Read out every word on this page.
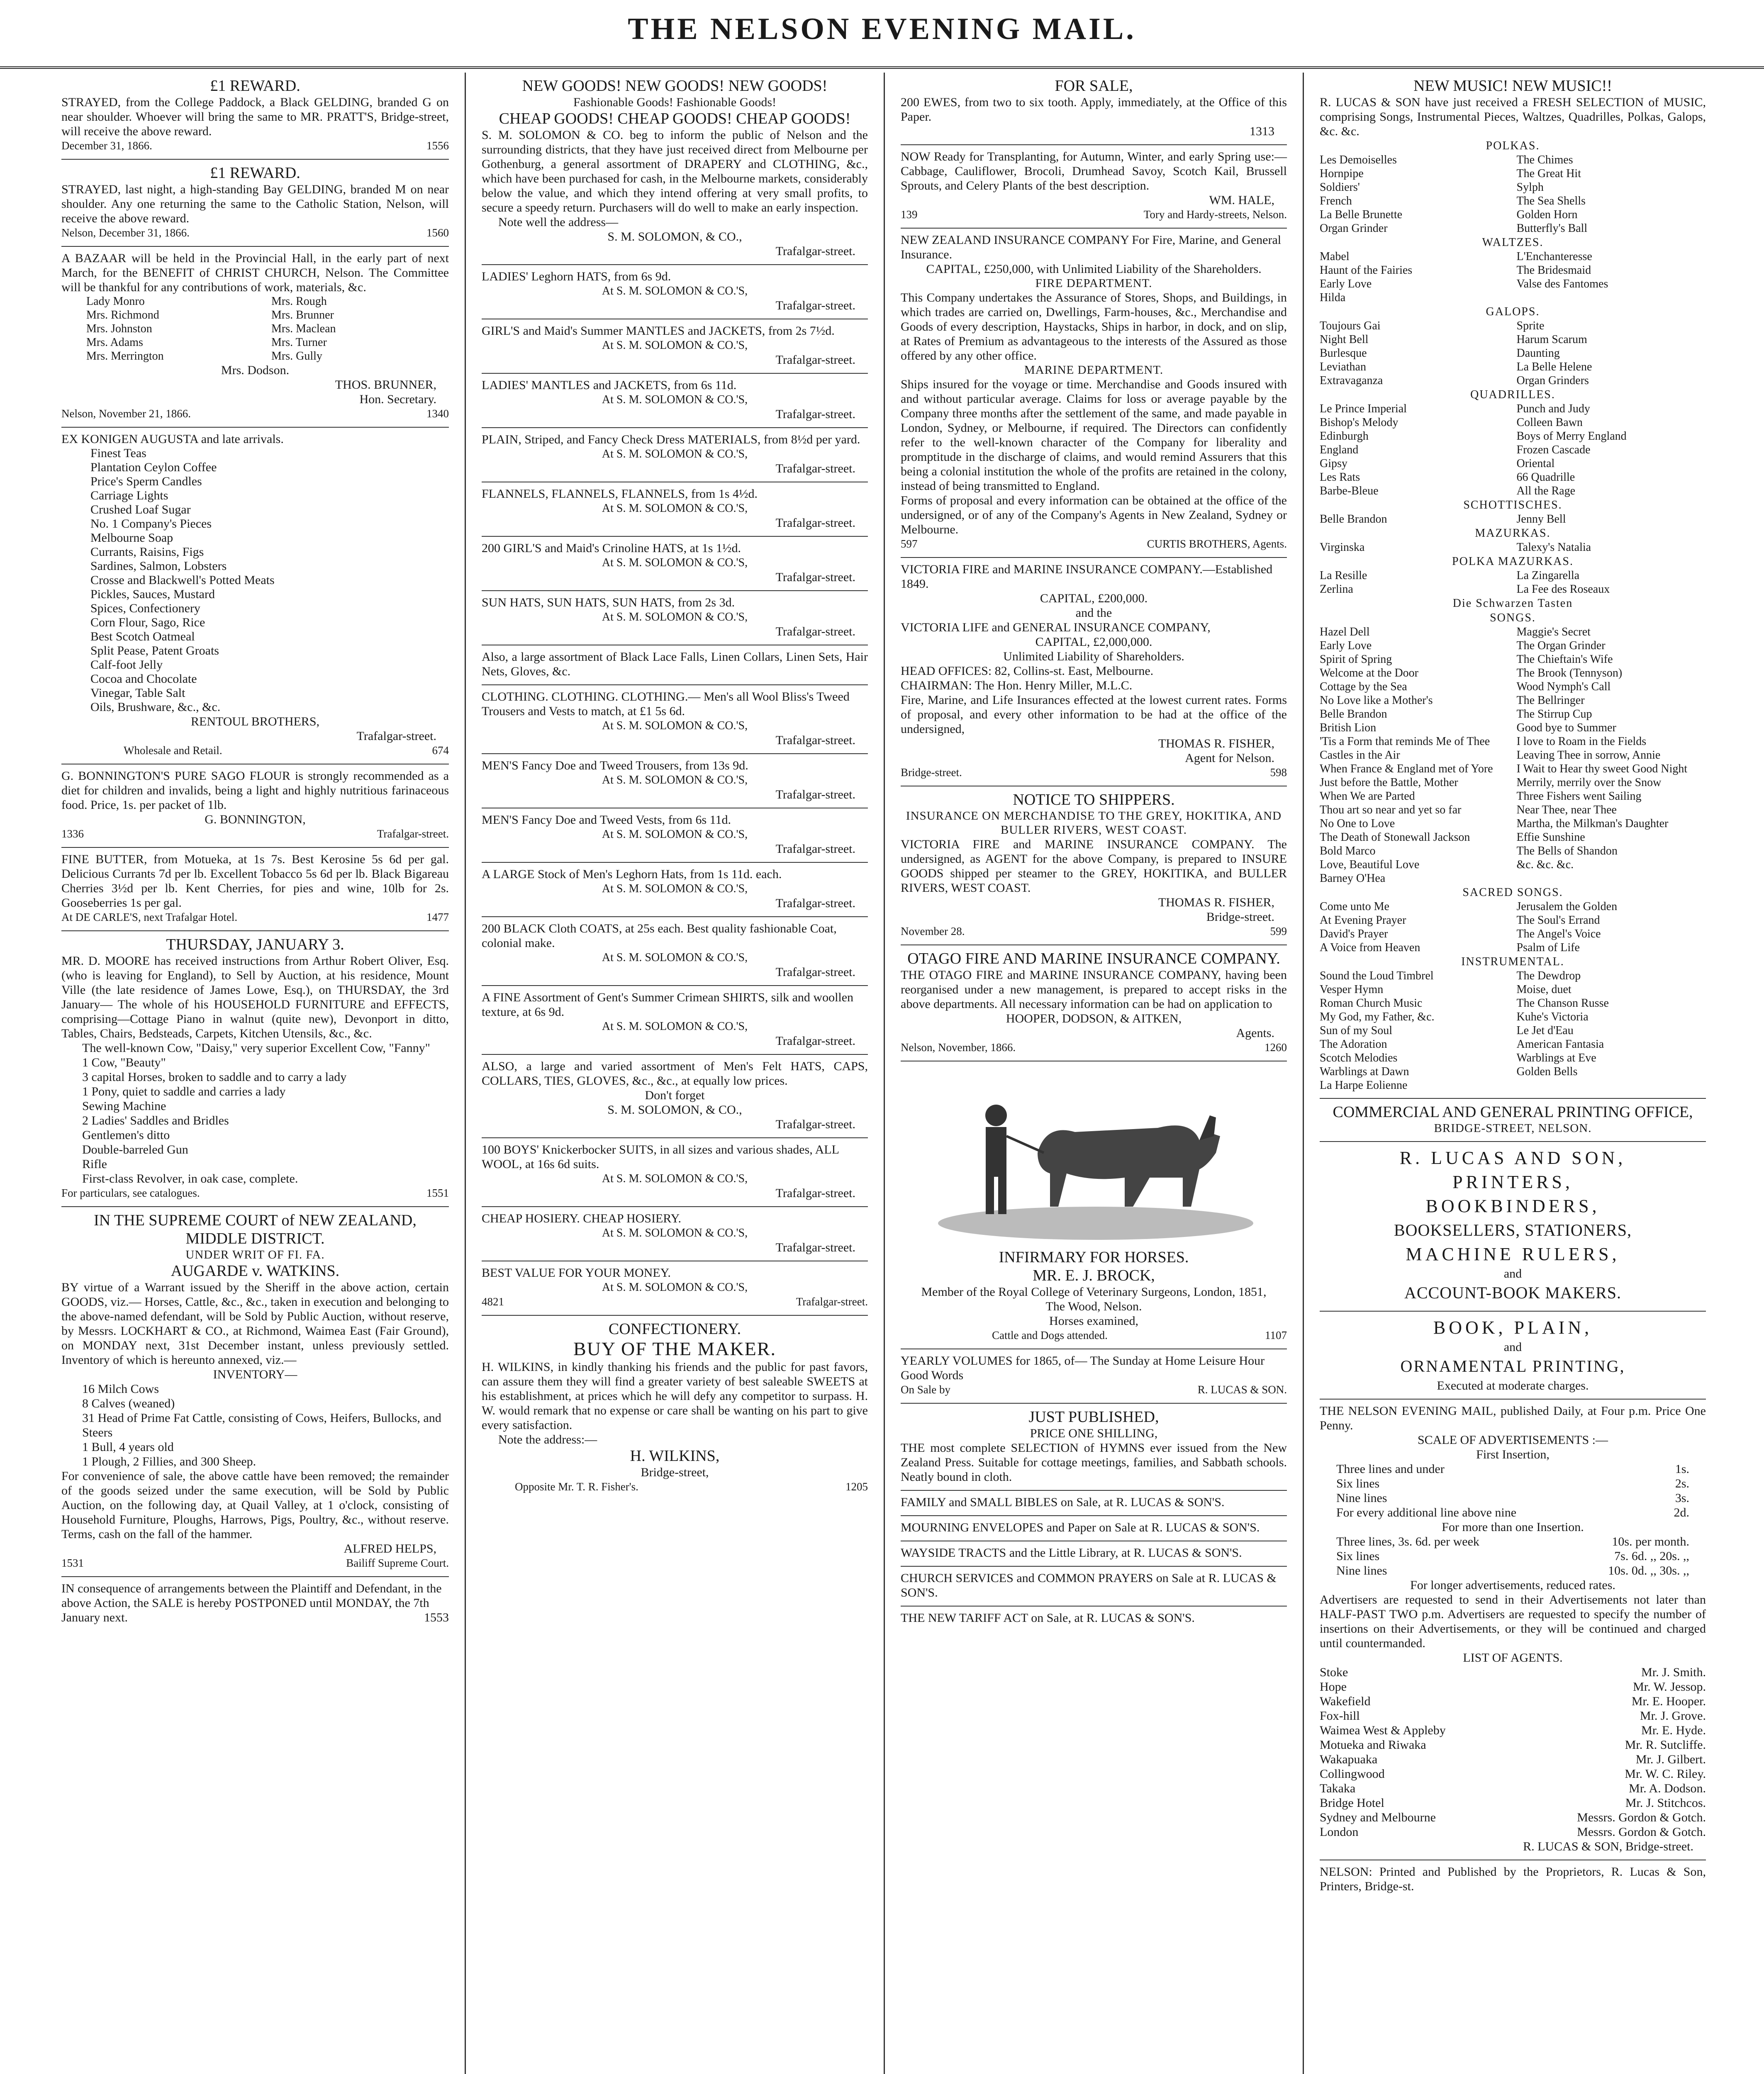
THE NELSON EVENING MAIL.
£1 REWARD.
STRAYED, from the College Paddock, a Black GELDING, branded G on near shoulder. Whoever will bring the same to MR. PRATT'S, Bridge-street, will receive the above reward.
December 31, 1866.	1556
£1 REWARD.
STRAYED, last night, a high-standing Bay GELDING, branded M on near shoulder. Any one returning the same to the Catholic Station, Nelson, will receive the above reward.
Nelson, December 31, 1866.	1560
A BAZAAR will be held in the Provincial Hall, in the early part of next March, for the BENEFIT of CHRIST CHURCH, Nelson. The Committee will be thankful for any contributions of work, materials, &c.
Lady Monro	Mrs. Rough
Mrs. Richmond	Mrs. Brunner
Mrs. Johnston	Mrs. Maclean
Mrs. Adams	Mrs. Turner
Mrs. Merrington	Mrs. Gully
Mrs. Dodson.
THOS. BRUNNER,
Hon. Secretary.
Nelson, November 21, 1866.	1340
EX KONIGEN AUGUSTA and late arrivals.
Finest Teas
Plantation Ceylon Coffee
Price's Sperm Candles
Carriage Lights
Crushed Loaf Sugar
No. 1 Company's Pieces
Melbourne Soap
Currants, Raisins, Figs
Sardines, Salmon, Lobsters
Crosse and Blackwell's Potted Meats
Pickles, Sauces, Mustard
Spices, Confectionery
Corn Flour, Sago, Rice
Best Scotch Oatmeal
Split Pease, Patent Groats
Calf-foot Jelly
Cocoa and Chocolate
Vinegar, Table Salt
Oils, Brushware, &c., &c.
RENTOUL BROTHERS,
Trafalgar-street.
Wholesale and Retail.	674
G. BONNINGTON'S PURE SAGO FLOUR is strongly recommended as a diet for children and invalids, being a light and highly nutritious farinaceous food. Price, 1s. per packet of 1lb.
G. BONNINGTON,
1336	Trafalgar-street.
FINE BUTTER, from Motueka, at 1s 7s. Best Kerosine 5s 6d per gal. Delicious Currants 7d per lb. Excellent Tobacco 5s 6d per lb. Black Bigareau Cherries 3½d per lb. Kent Cherries, for pies and wine, 10lb for 2s. Gooseberries 1s per gal.
At DE CARLE'S, next Trafalgar Hotel.	1477
THURSDAY, JANUARY 3.
MR. D. MOORE has received instructions from Arthur Robert Oliver, Esq. (who is leaving for England), to Sell by Auction, at his residence, Mount Ville (the late residence of James Lowe, Esq.), on THURSDAY, the 3rd January— The whole of his HOUSEHOLD FURNITURE and EFFECTS, comprising—Cottage Piano in walnut (quite new), Devonport in ditto, Tables, Chairs, Bedsteads, Carpets, Kitchen Utensils, &c., &c.
The well-known Cow, "Daisy," very superior Excellent Cow, "Fanny"
1 Cow, "Beauty"
3 capital Horses, broken to saddle and to carry a lady
1 Pony, quiet to saddle and carries a lady
Sewing Machine
2 Ladies' Saddles and Bridles
Gentlemen's ditto
Double-barreled Gun
Rifle
First-class Revolver, in oak case, complete.
For particulars, see catalogues.	1551
IN THE SUPREME COURT of NEW ZEALAND, MIDDLE DISTRICT.
UNDER WRIT OF FI. FA.
AUGARDE v. WATKINS.
BY virtue of a Warrant issued by the Sheriff in the above action, certain GOODS, viz.— Horses, Cattle, &c., &c., taken in execution and belonging to the above-named defendant, will be Sold by Public Auction, without reserve, by Messrs. LOCKHART & CO., at Richmond, Waimea East (Fair Ground), on MONDAY next, 31st December instant, unless previously settled. Inventory of which is hereunto annexed, viz.—
INVENTORY—
16 Milch Cows
8 Calves (weaned)
31 Head of Prime Fat Cattle, consisting of Cows, Heifers, Bullocks, and Steers
1 Bull, 4 years old
1 Plough, 2 Fillies, and 300 Sheep.
For convenience of sale, the above cattle have been removed; the remainder of the goods seized under the same execution, will be Sold by Public Auction, on the following day, at Quail Valley, at 1 o'clock, consisting of Household Furniture, Ploughs, Harrows, Pigs, Poultry, &c., without reserve. Terms, cash on the fall of the hammer.
ALFRED HELPS,
1531	Bailiff Supreme Court.
IN consequence of arrangements between the Plaintiff and Defendant, in the above Action, the SALE is hereby POSTPONED until MONDAY, the 7th January next.	1553
NEW GOODS! NEW GOODS! NEW GOODS!
Fashionable Goods! Fashionable Goods!
CHEAP GOODS! CHEAP GOODS! CHEAP GOODS!
S. M. SOLOMON & CO. beg to inform the public of Nelson and the surrounding districts, that they have just received direct from Melbourne per Gothenburg, a general assortment of DRAPERY and CLOTHING, &c., which have been purchased for cash, in the Melbourne markets, considerably below the value, and which they intend offering at very small profits, to secure a speedy return. Purchasers will do well to make an early inspection.
Note well the address—
S. M. SOLOMON, & CO.,
Trafalgar-street.
LADIES' Leghorn HATS, from 6s 9d.
At S. M. SOLOMON & CO.'S,
Trafalgar-street.
GIRL'S and Maid's Summer MANTLES and JACKETS, from 2s 7½d.
At S. M. SOLOMON & CO.'S,
Trafalgar-street.
LADIES' MANTLES and JACKETS, from 6s 11d.
At S. M. SOLOMON & CO.'S,
Trafalgar-street.
PLAIN, Striped, and Fancy Check Dress MATERIALS, from 8½d per yard.
At S. M. SOLOMON & CO.'S,
Trafalgar-street.
FLANNELS, FLANNELS, FLANNELS, from 1s 4½d.
At S. M. SOLOMON & CO.'S,
Trafalgar-street.
200 GIRL'S and Maid's Crinoline HATS, at 1s 1½d.
At S. M. SOLOMON & CO.'S,
Trafalgar-street.
SUN HATS, SUN HATS, SUN HATS, from 2s 3d.
At S. M. SOLOMON & CO.'S,
Trafalgar-street.
Also, a large assortment of Black Lace Falls, Linen Collars, Linen Sets, Hair Nets, Gloves, &c.
CLOTHING. CLOTHING. CLOTHING.— Men's all Wool Bliss's Tweed Trousers and Vests to match, at £1 5s 6d.
At S. M. SOLOMON & CO.'S,
Trafalgar-street.
MEN'S Fancy Doe and Tweed Trousers, from 13s 9d.
At S. M. SOLOMON & CO.'S,
Trafalgar-street.
MEN'S Fancy Doe and Tweed Vests, from 6s 11d.
At S. M. SOLOMON & CO.'S,
Trafalgar-street.
A LARGE Stock of Men's Leghorn Hats, from 1s 11d. each.
At S. M. SOLOMON & CO.'S,
Trafalgar-street.
200 BLACK Cloth COATS, at 25s each. Best quality fashionable Coat, colonial make.
At S. M. SOLOMON & CO.'S,
Trafalgar-street.
A FINE Assortment of Gent's Summer Crimean SHIRTS, silk and woollen texture, at 6s 9d.
At S. M. SOLOMON & CO.'S,
Trafalgar-street.
ALSO, a large and varied assortment of Men's Felt HATS, CAPS, COLLARS, TIES, GLOVES, &c., &c., at equally low prices.
Don't forget
S. M. SOLOMON, & CO.,
Trafalgar-street.
100 BOYS' Knickerbocker SUITS, in all sizes and various shades, ALL WOOL, at 16s 6d suits.
At S. M. SOLOMON & CO.'S,
Trafalgar-street.
CHEAP HOSIERY. CHEAP HOSIERY.
At S. M. SOLOMON & CO.'S,
Trafalgar-street.
BEST VALUE FOR YOUR MONEY.
At S. M. SOLOMON & CO.'S,
4821	Trafalgar-street.
CONFECTIONERY.
BUY OF THE MAKER.
H. WILKINS, in kindly thanking his friends and the public for past favors, can assure them they will find a greater variety of best saleable SWEETS at his establishment, at prices which he will defy any competitor to surpass. H. W. would remark that no expense or care shall be wanting on his part to give every satisfaction.
Note the address:—
H. WILKINS,
Bridge-street,
Opposite Mr. T. R. Fisher's.	1205
FOR SALE,
200 EWES, from two to six tooth. Apply, immediately, at the Office of this Paper.
1313
NOW Ready for Transplanting, for Autumn, Winter, and early Spring use:—Cabbage, Cauliflower, Brocoli, Drumhead Savoy, Scotch Kail, Brussell Sprouts, and Celery Plants of the best description.
WM. HALE,
139	Tory and Hardy-streets, Nelson.
NEW ZEALAND INSURANCE COMPANY For Fire, Marine, and General Insurance.
CAPITAL, £250,000, with Unlimited Liability of the Shareholders.
FIRE DEPARTMENT.
This Company undertakes the Assurance of Stores, Shops, and Buildings, in which trades are carried on, Dwellings, Farm-houses, &c., Merchandise and Goods of every description, Haystacks, Ships in harbor, in dock, and on slip, at Rates of Premium as advantageous to the interests of the Assured as those offered by any other office.
MARINE DEPARTMENT.
Ships insured for the voyage or time. Merchandise and Goods insured with and without particular average. Claims for loss or average payable by the Company three months after the settlement of the same, and made payable in London, Sydney, or Melbourne, if required. The Directors can confidently refer to the well-known character of the Company for liberality and promptitude in the discharge of claims, and would remind Assurers that this being a colonial institution the whole of the profits are retained in the colony, instead of being transmitted to England.
Forms of proposal and every information can be obtained at the office of the undersigned, or of any of the Company's Agents in New Zealand, Sydney or Melbourne.
597	CURTIS BROTHERS, Agents.
VICTORIA FIRE and MARINE INSURANCE COMPANY.—Established 1849.
CAPITAL, £200,000.
and the
VICTORIA LIFE and GENERAL INSURANCE COMPANY,
CAPITAL, £2,000,000.
Unlimited Liability of Shareholders.
HEAD OFFICES: 82, Collins-st. East, Melbourne.
CHAIRMAN: The Hon. Henry Miller, M.L.C.
Fire, Marine, and Life Insurances effected at the lowest current rates. Forms of proposal, and every other information to be had at the office of the undersigned,
THOMAS R. FISHER,
Agent for Nelson.
Bridge-street.	598
NOTICE TO SHIPPERS.
INSURANCE ON MERCHANDISE TO THE GREY, HOKITIKA, AND BULLER RIVERS, WEST COAST.
VICTORIA FIRE and MARINE INSURANCE COMPANY. The undersigned, as AGENT for the above Company, is prepared to INSURE GOODS shipped per steamer to the GREY, HOKITIKA, and BULLER RIVERS, WEST COAST.
THOMAS R. FISHER,
Bridge-street.
November 28.	599
OTAGO FIRE AND MARINE INSURANCE COMPANY.
THE OTAGO FIRE and MARINE INSURANCE COMPANY, having been reorganised under a new management, is prepared to accept risks in the above departments. All necessary information can be had on application to
HOOPER, DODSON, & AITKEN,
Agents.
Nelson, November, 1866.	1260
INFIRMARY FOR HORSES.
MR. E. J. BROCK,
Member of the Royal College of Veterinary Surgeons, London, 1851,
The Wood, Nelson.
Horses examined,
Cattle and Dogs attended.	1107
YEARLY VOLUMES for 1865, of— The Sunday at Home Leisure Hour Good Words
On Sale by	R. LUCAS & SON.
JUST PUBLISHED,
PRICE ONE SHILLING,
THE most complete SELECTION of HYMNS ever issued from the New Zealand Press. Suitable for cottage meetings, families, and Sabbath schools. Neatly bound in cloth.
FAMILY and SMALL BIBLES on Sale, at R. LUCAS & SON'S.
MOURNING ENVELOPES and Paper on Sale at R. LUCAS & SON'S.
WAYSIDE TRACTS and the Little Library, at R. LUCAS & SON'S.
CHURCH SERVICES and COMMON PRAYERS on Sale at R. LUCAS & SON'S.
THE NEW TARIFF ACT on Sale, at R. LUCAS & SON'S.
NEW MUSIC! NEW MUSIC!!
R. LUCAS & SON have just received a FRESH SELECTION of MUSIC, comprising Songs, Instrumental Pieces, Waltzes, Quadrilles, Polkas, Galops, &c. &c.
POLKAS.
Les Demoiselles	The Chimes
Hornpipe	The Great Hit
Soldiers'	Sylph
French	The Sea Shells
La Belle Brunette	Golden Horn
Organ Grinder	Butterfly's Ball
WALTZES.
Mabel	L'Enchanteresse
Haunt of the Fairies	The Bridesmaid
Early Love	Valse des Fantomes
Hilda
GALOPS.
Toujours Gai	Sprite
Night Bell	Harum Scarum
Burlesque	Daunting
Leviathan	La Belle Helene
Extravaganza	Organ Grinders
QUADRILLES.
Le Prince Imperial	Punch and Judy
Bishop's Melody	Colleen Bawn
Edinburgh	Boys of Merry England
England	Frozen Cascade
Gipsy	Oriental
Les Rats	66 Quadrille
Barbe-Bleue	All the Rage
SCHOTTISCHES.
Belle Brandon	Jenny Bell
MAZURKAS.
Virginska	Talexy's Natalia
POLKA MAZURKAS.
La Resille	La Zingarella
Zerlina	La Fee des Roseaux
Die Schwarzen Tasten
SONGS.
Hazel Dell	Maggie's Secret
Early Love	The Organ Grinder
Spirit of Spring	The Chieftain's Wife
Welcome at the Door	The Brook (Tennyson)
Cottage by the Sea	Wood Nymph's Call
No Love like a Mother's	The Bellringer
Belle Brandon	The Stirrup Cup
British Lion	Good bye to Summer
'Tis a Form that reminds Me of Thee	I love to Roam in the Fields
Castles in the Air	Leaving Thee in sorrow, Annie
When France & England met of Yore	I Wait to Hear thy sweet Good Night
Just before the Battle, Mother	Merrily, merrily over the Snow
When We are Parted	Three Fishers went Sailing
Thou art so near and yet so far	Near Thee, near Thee
No One to Love	Martha, the Milkman's Daughter
The Death of Stonewall Jackson	Effie Sunshine
Bold Marco	The Bells of Shandon
Love, Beautiful Love	&c. &c. &c.
Barney O'Hea
SACRED SONGS.
Come unto Me	Jerusalem the Golden
At Evening Prayer	The Soul's Errand
David's Prayer	The Angel's Voice
A Voice from Heaven	Psalm of Life
INSTRUMENTAL.
Sound the Loud Timbrel	The Dewdrop
Vesper Hymn	Moise, duet
Roman Church Music	The Chanson Russe
My God, my Father, &c.	Kuhe's Victoria
Sun of my Soul	Le Jet d'Eau
The Adoration	American Fantasia
Scotch Melodies	Warblings at Eve
Warblings at Dawn	Golden Bells
La Harpe Eolienne
COMMERCIAL AND GENERAL PRINTING OFFICE,
BRIDGE-STREET, NELSON.
R. LUCAS AND SON,
PRINTERS,
BOOKBINDERS,
BOOKSELLERS, STATIONERS,
MACHINE RULERS,
and
ACCOUNT-BOOK MAKERS.
BOOK, PLAIN,
and
ORNAMENTAL PRINTING,
Executed at moderate charges.
THE NELSON EVENING MAIL, published Daily, at Four p.m. Price One Penny.
SCALE OF ADVERTISEMENTS :—
First Insertion,
Three lines and under	1s.
Six lines	2s.
Nine lines	3s.
For every additional line above nine	2d.
For more than one Insertion.
Three lines, 3s. 6d. per week	10s. per month.
Six lines	7s. 6d. ,, 20s. ,,
Nine lines	10s. 0d. ,, 30s. ,,
For longer advertisements, reduced rates.
Advertisers are requested to send in their Advertisements not later than HALF-PAST TWO p.m. Advertisers are requested to specify the number of insertions on their Advertisements, or they will be continued and charged until countermanded.
LIST OF AGENTS.
Stoke	Mr. J. Smith.
Hope	Mr. W. Jessop.
Wakefield	Mr. E. Hooper.
Fox-hill	Mr. J. Grove.
Waimea West & Appleby	Mr. E. Hyde.
Motueka and Riwaka	Mr. R. Sutcliffe.
Wakapuaka	Mr. J. Gilbert.
Collingwood	Mr. W. C. Riley.
Takaka	Mr. A. Dodson.
Bridge Hotel	Mr. J. Stitchcos.
Sydney and Melbourne	Messrs. Gordon & Gotch.
London	Messrs. Gordon & Gotch.
R. LUCAS & SON, Bridge-street.
NELSON: Printed and Published by the Proprietors, R. Lucas & Son, Printers, Bridge-st.
